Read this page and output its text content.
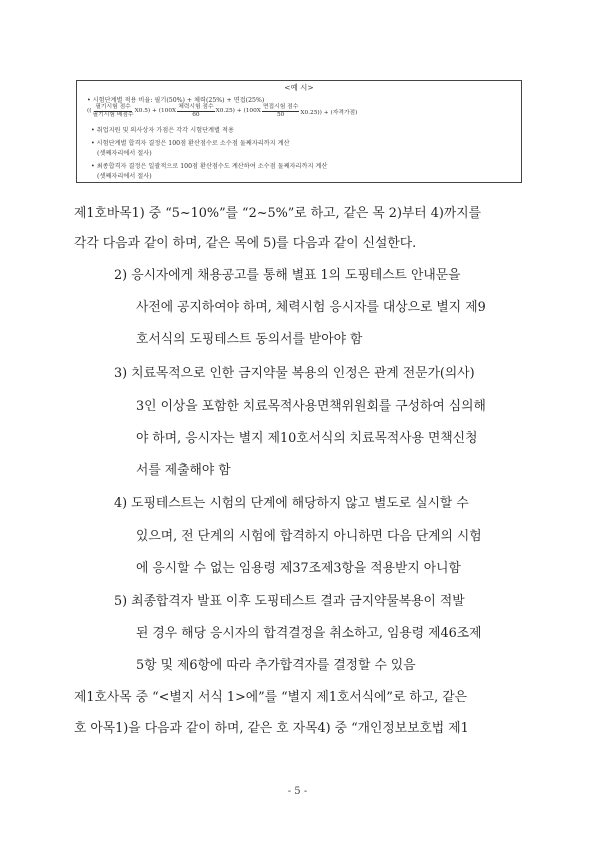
<예 시>
• 시험단계별 적용 비율: 필기(50%) + 체력(25%) + 면접(25%)
(( $\frac{\text{필기시험 점수}}{\text{필기시험 배점수}} X0.5) + (100X \frac{\text{체력시험 점수}}{60} X0.25) + (100X \frac{\text{면접시험 점수}}{50} X0.25)$) + (자격가점)
• 취업지원 및 의사상자 가점은 각각 시험단계별 적용
• 시험단계별 합격자 결정은 100점 환산점수로 소수점 둘째자리까지 계산
(셋째자리에서 절사)
• 최종합격자 결정은 일괄적으로 100점 환산점수도 계산하여 소수점 둘째자리까지 계산
(셋째자리에서 절사)
제1호바목1) 중 “5~10%”를 “2~5%”로 하고, 같은 목 2)부터 4)까지를
각각 다음과 같이 하며, 같은 목에 5)를 다음과 같이 신설한다.
2) 응시자에게 채용공고를 통해 별표 1의 도핑테스트 안내문을
사전에 공지하여야 하며, 체력시험 응시자를 대상으로 별지 제9
호서식의 도핑테스트 동의서를 받아야 함
3) 치료목적으로 인한 금지약물 복용의 인정은 관계 전문가(의사)
3인 이상을 포함한 치료목적사용면책위원회를 구성하여 심의해
야 하며, 응시자는 별지 제10호서식의 치료목적사용 면책신청
서를 제출해야 함
4) 도핑테스트는 시험의 단계에 해당하지 않고 별도로 실시할 수
있으며, 전 단계의 시험에 합격하지 아니하면 다음 단계의 시험
에 응시할 수 없는 임용령 제37조제3항을 적용받지 아니함
5) 최종합격자 발표 이후 도핑테스트 결과 금지약물복용이 적발
된 경우 해당 응시자의 합격결정을 취소하고, 임용령 제46조제
5항 및 제6항에 따라 추가합격자를 결정할 수 있음
제1호사목 중 “<별지 서식 1>에”를 “별지 제1호서식에”로 하고, 같은
호 아목1)을 다음과 같이 하며, 같은 호 자목4) 중 “개인정보보호법 제1
- 5 -
